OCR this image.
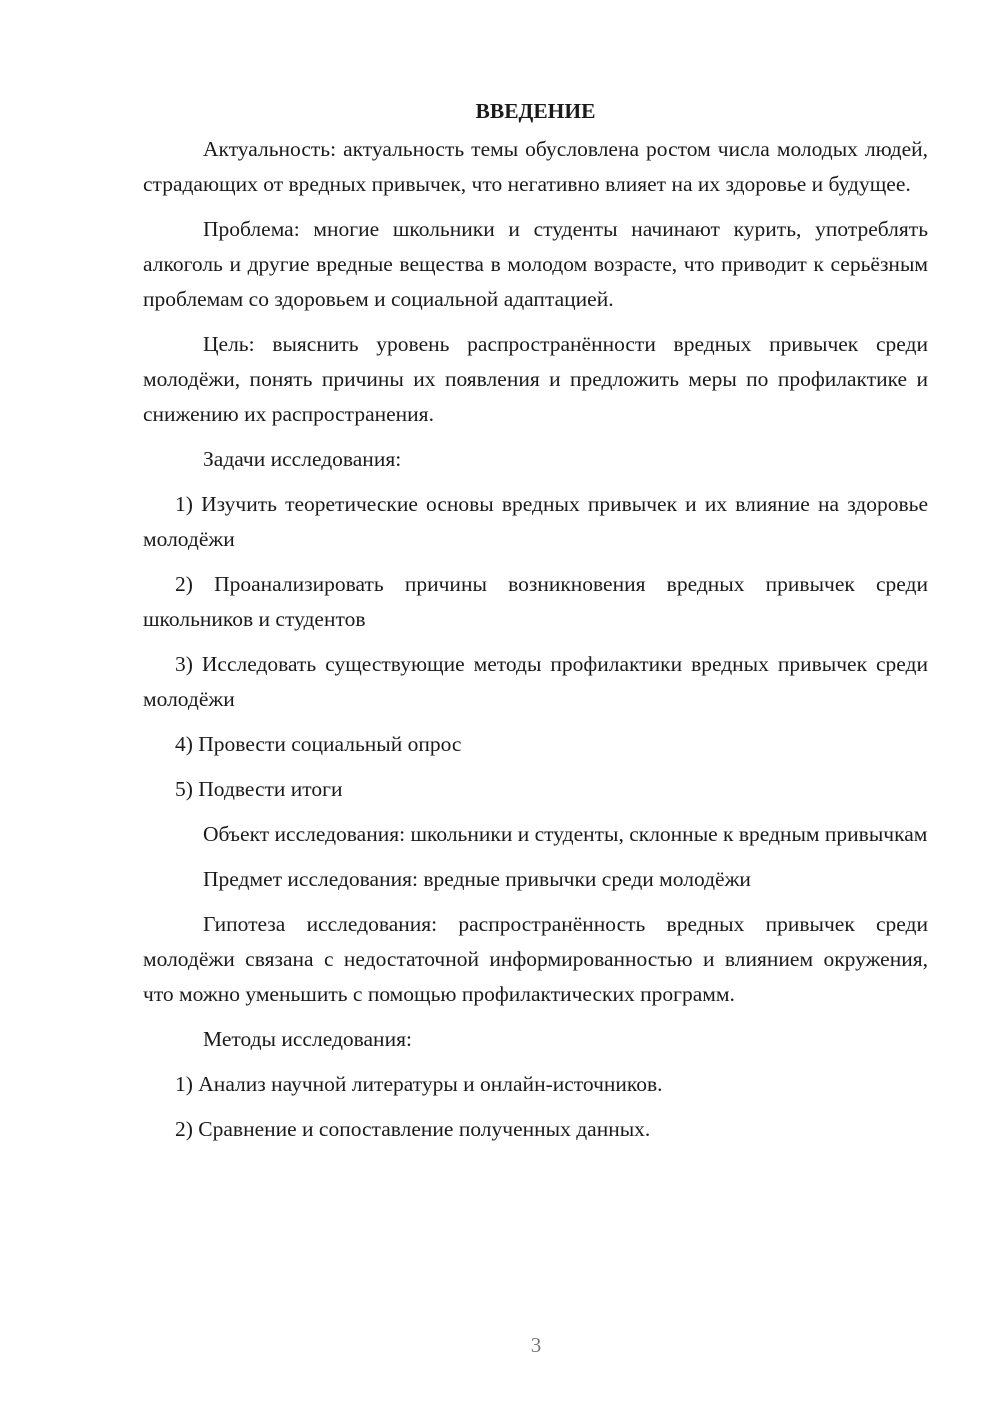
ВВЕДЕНИЕ

Актуальность: актуальность темы обусловлена ростом числа молодых людей, страдающих от вредных привычек, что негативно влияет на их здоровье и будущее.

Проблема: многие школьники и студенты начинают курить, употреблять алкоголь и другие вредные вещества в молодом возрасте, что приводит к серьёзным проблемам со здоровьем и социальной адаптацией.

Цель: выяснить уровень распространённости вредных привычек среди молодёжи, понять причины их появления и предложить меры по профилактике и снижению их распространения.

Задачи исследования:

1) Изучить теоретические основы вредных привычек и их влияние на здоровье молодёжи

2) Проанализировать причины возникновения вредных привычек среди школьников и студентов

3) Исследовать существующие методы профилактики вредных привычек среди молодёжи

4) Провести социальный опрос

5) Подвести итоги

Объект исследования: школьники и студенты, склонные к вредным привычкам

Предмет исследования: вредные привычки среди молодёжи

Гипотеза исследования: распространённость вредных привычек среди молодёжи связана с недостаточной информированностью и влиянием окружения, что можно уменьшить с помощью профилактических программ.

Методы исследования:

1) Анализ научной литературы и онлайн-источников.

2) Сравнение и сопоставление полученных данных.

3
